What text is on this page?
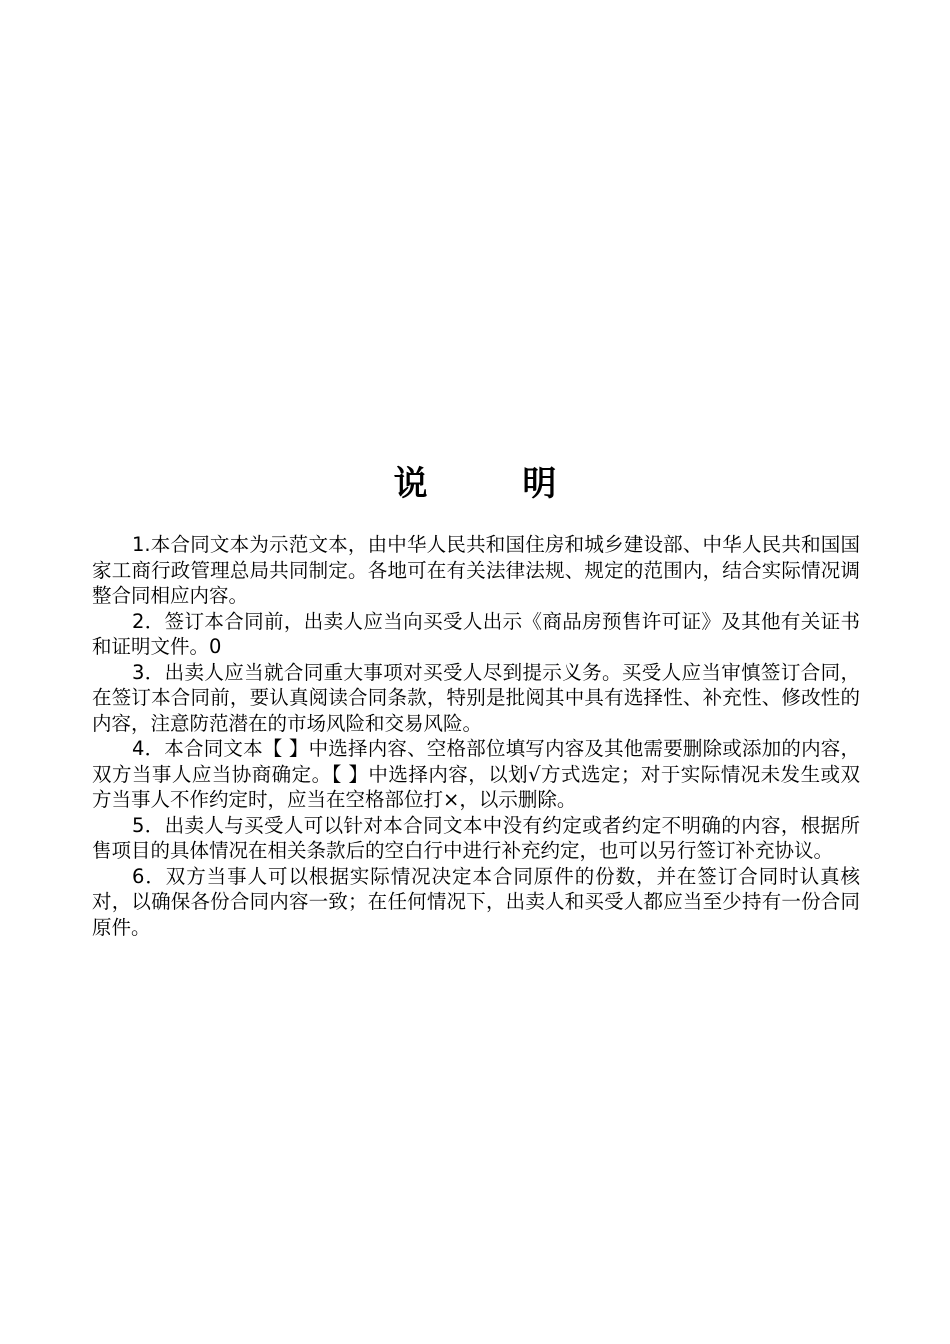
说        明

1.本合同文本为示范文本，由中华人民共和国住房和城乡建设部、中华人民共和国国家工商行政管理总局共同制定。各地可在有关法律法规、规定的范围内，结合实际情况调整合同相应内容。

2．签订本合同前，出卖人应当向买受人出示《商品房预售许可证》及其他有关证书和证明文件。0

3．出卖人应当就合同重大事项对买受人尽到提示义务。买受人应当审慎签订合同，在签订本合同前，要认真阅读合同条款，特别是批阅其中具有选择性、补充性、修改性的内容，注意防范潜在的市场风险和交易风险。

4．本合同文本【 】中选择内容、空格部位填写内容及其他需要删除或添加的内容，双方当事人应当协商确定。【 】中选择内容，以划√方式选定；对于实际情况未发生或双方当事人不作约定时，应当在空格部位打×，以示删除。

5．出卖人与买受人可以针对本合同文本中没有约定或者约定不明确的内容，根据所售项目的具体情况在相关条款后的空白行中进行补充约定，也可以另行签订补充协议。

6．双方当事人可以根据实际情况决定本合同原件的份数，并在签订合同时认真核对，以确保各份合同内容一致；在任何情况下，出卖人和买受人都应当至少持有一份合同原件。
